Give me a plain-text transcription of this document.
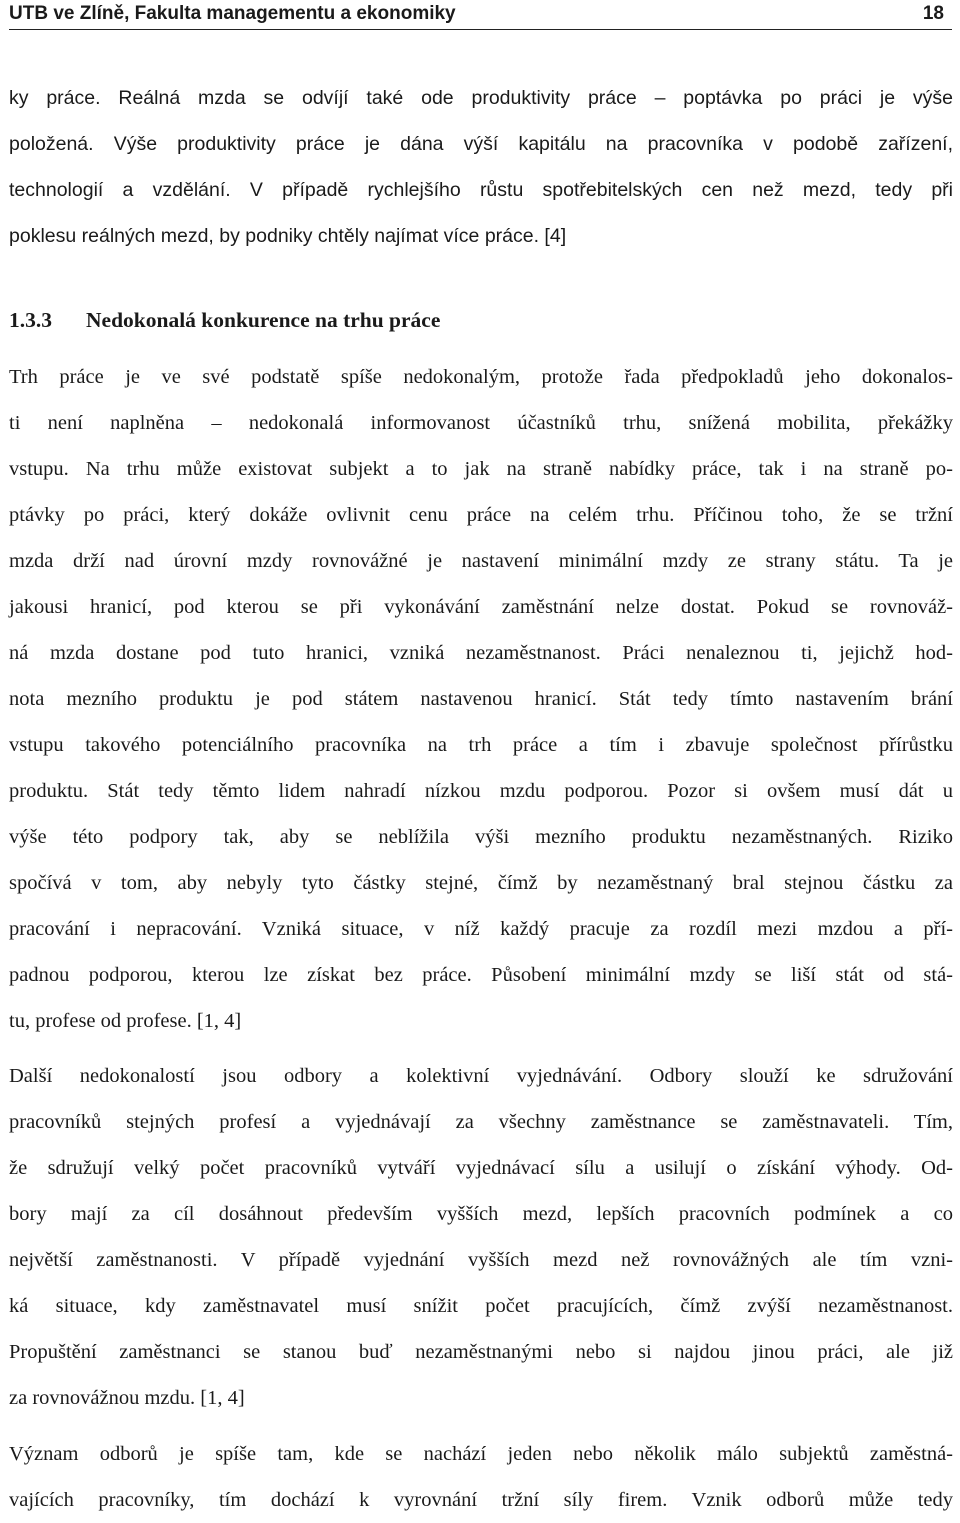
UTB ve Zlíně, Fakulta managementu a ekonomiky	18
ky práce. Reálná mzda se odvíjí také ode produktivity práce – poptávka po práci je výše
položená. Výše produktivity práce je dána výší kapitálu na pracovníka v podobě zařízení,
technologií a vzdělání. V případě rychlejšího růstu spotřebitelských cen než mezd, tedy při
poklesu reálných mezd, by podniky chtěly najímat více práce. [4]
1.3.3 Nedokonalá konkurence na trhu práce
Trh práce je ve své podstatě spíše nedokonalým, protože řada předpokladů jeho dokonalos-
ti není naplněna – nedokonalá informovanost účastníků trhu, snížená mobilita, překážky
vstupu. Na trhu může existovat subjekt a to jak na straně nabídky práce, tak i na straně po-
ptávky po práci, který dokáže ovlivnit cenu práce na celém trhu. Příčinou toho, že se tržní
mzda drží nad úrovní mzdy rovnovážné je nastavení minimální mzdy ze strany státu. Ta je
jakousi hranicí, pod kterou se při vykonávání zaměstnání nelze dostat. Pokud se rovnováž-
ná mzda dostane pod tuto hranici, vzniká nezaměstnanost. Práci nenaleznou ti, jejichž hod-
nota mezního produktu je pod státem nastavenou hranicí. Stát tedy tímto nastavením brání
vstupu takového potenciálního pracovníka na trh práce a tím i zbavuje společnost přírůstku
produktu. Stát tedy těmto lidem nahradí nízkou mzdu podporou. Pozor si ovšem musí dát u
výše této podpory tak, aby se neblížila výši mezního produktu nezaměstnaných. Riziko
spočívá v tom, aby nebyly tyto částky stejné, čímž by nezaměstnaný bral stejnou částku za
pracování i nepracování. Vzniká situace, v níž každý pracuje za rozdíl mezi mzdou a pří-
padnou podporou, kterou lze získat bez práce. Působení minimální mzdy se liší stát od stá-
tu, profese od profese. [1, 4]
Další nedokonalostí jsou odbory a kolektivní vyjednávání. Odbory slouží ke sdružování
pracovníků stejných profesí a vyjednávají za všechny zaměstnance se zaměstnavateli. Tím,
že sdružují velký počet pracovníků vytváří vyjednávací sílu a usilují o získání výhody. Od-
bory mají za cíl dosáhnout především vyšších mezd, lepších pracovních podmínek a co
největší zaměstnanosti. V případě vyjednání vyšších mezd než rovnovážných ale tím vzni-
ká situace, kdy zaměstnavatel musí snížit počet pracujících, čímž zvýší nezaměstnanost.
Propuštění zaměstnanci se stanou buď nezaměstnanými nebo si najdou jinou práci, ale již
za rovnovážnou mzdu. [1, 4]
Význam odborů je spíše tam, kde se nachází jeden nebo několik málo subjektů zaměstná-
vajících pracovníky, tím dochází k vyrovnání tržní síly firem. Vznik odborů může tedy
